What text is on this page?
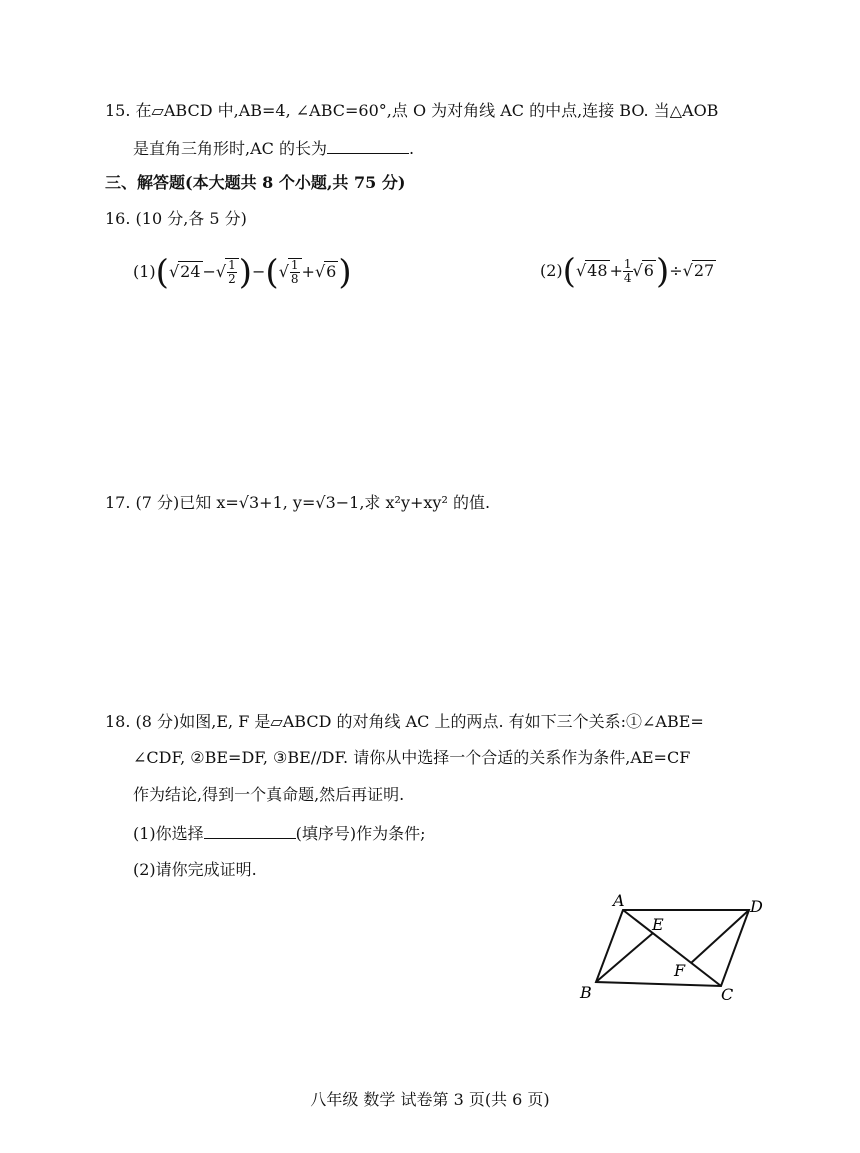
15. 在▱ABCD 中,AB=4, ∠ABC=60°,点 O 为对角线 AC 的中点,连接 BO. 当△AOB
是直角三角形时,AC 的长为	.
三、解答题(本大题共 8 个小题,共 75 分)
16. (10 分,各 5 分)
(1)(√24 −√ $\frac{1}{2}$ )−(√ $\frac{1}{8} +√6$)	$(2)(√48 + \frac{1}{4} √6)\div√27$
17. (7 分)已知 x=√3+1, y=√3−1,求 x²y+xy² 的值.
18. (8 分)如图,E, F 是▱ABCD 的对角线 AC 上的两点. 有如下三个关系:①∠ABE=
∠CDF, ②BE=DF, ③BE//DF. 请你从中选择一个合适的关系作为条件,AE=CF
作为结论,得到一个真命题,然后再证明.
(1)你选择	(填序号)作为条件;
(2)请你完成证明.
A	D
E
F
B	C
八年级 数学 试卷第 3 页(共 6 页)
